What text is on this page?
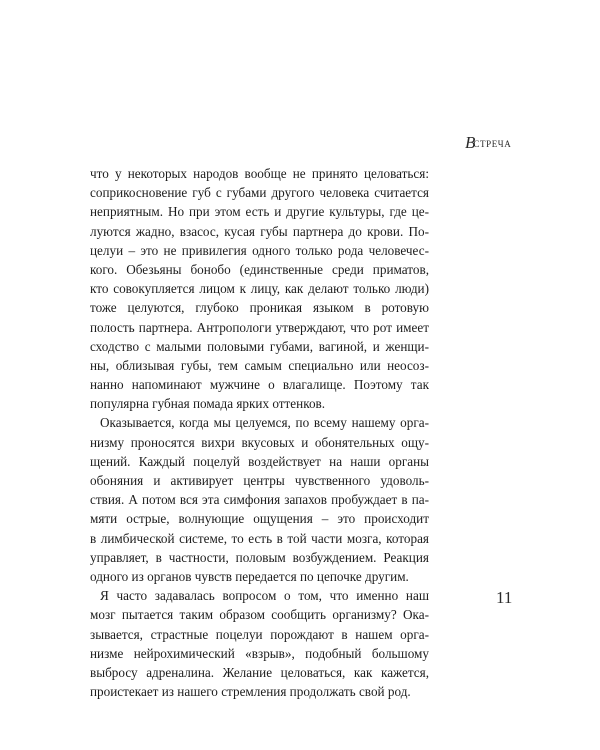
ВСТРЕЧА
что у некоторых народов вообще не принято целоваться:
соприкосновение губ с губами другого человека считается
неприятным. Но при этом есть и другие культуры, где це-
луются жадно, взасос, кусая губы партнера до крови. По-
целуи – это не привилегия одного только рода человечес-
кого. Обезьяны бонобо (единственные среди приматов,
кто совокупляется лицом к лицу, как делают только люди)
тоже целуются, глубоко проникая языком в ротовую
полость партнера. Антропологи утверждают, что рот имеет
сходство с малыми половыми губами, вагиной, и женщи-
ны, облизывая губы, тем самым специально или неосоз-
нанно напоминают мужчине о влагалище. Поэтому так
популярна губная помада ярких оттенков.
Оказывается, когда мы целуемся, по всему нашему орга-
низму проносятся вихри вкусовых и обонятельных ощу-
щений. Каждый поцелуй воздействует на наши органы
обоняния и активирует центры чувственного удоволь-
ствия. А потом вся эта симфония запахов пробуждает в па-
мяти острые, волнующие ощущения – это происходит
в лимбической системе, то есть в той части мозга, которая
управляет, в частности, половым возбуждением. Реакция
одного из органов чувств передается по цепочке другим.
Я часто задавалась вопросом о том, что именно наш
мозг пытается таким образом сообщить организму? Ока-
зывается, страстные поцелуи порождают в нашем орга-
низме нейрохимический «взрыв», подобный большому
выбросу адреналина. Желание целоваться, как кажется,
проистекает из нашего стремления продолжать свой род.
11
